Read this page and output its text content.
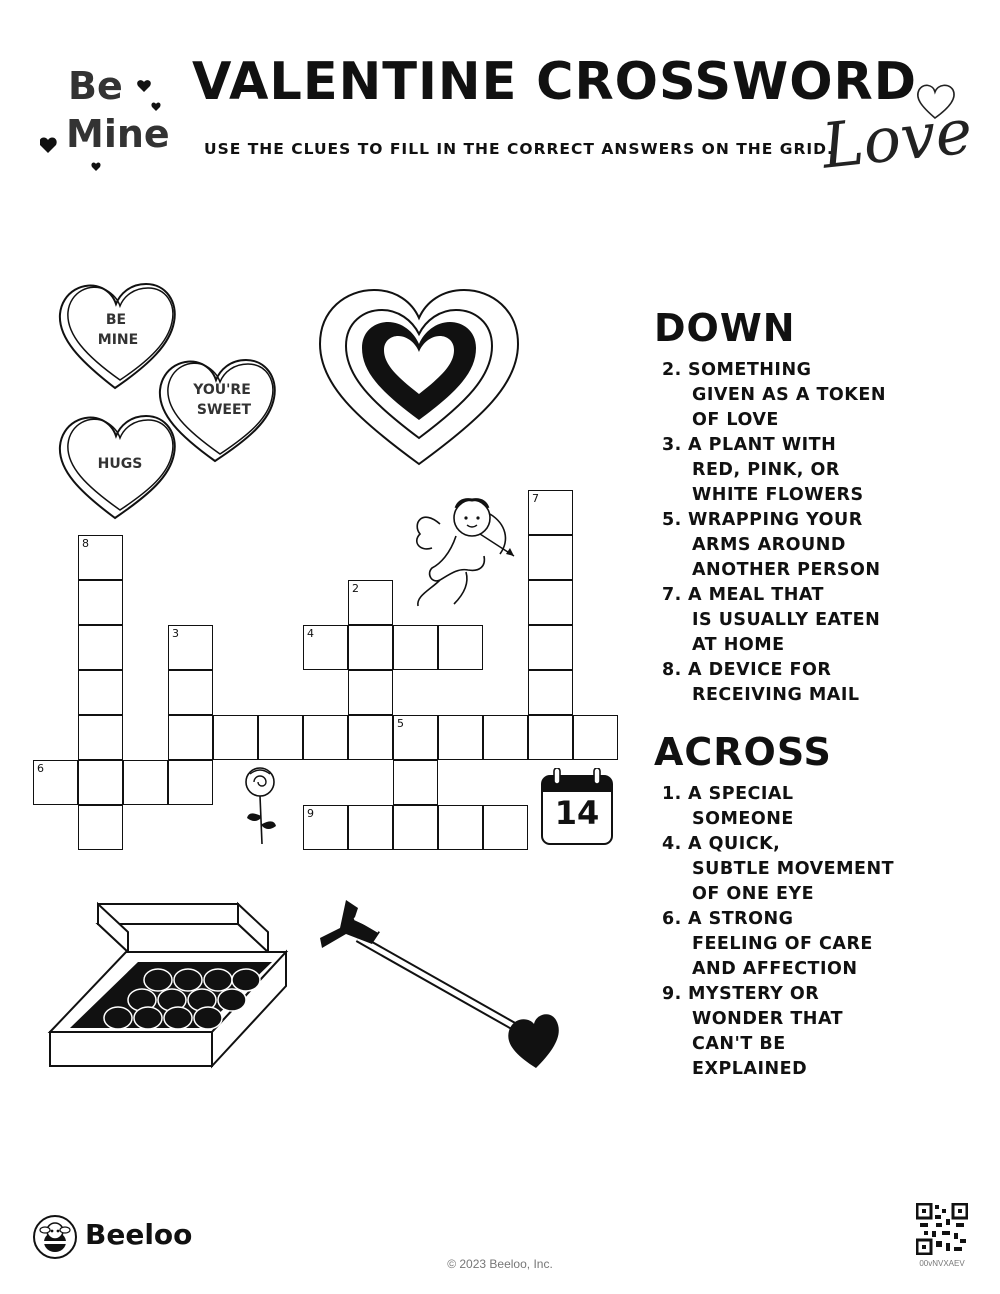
Be
Mine
VALENTINE CROSSWORD
USE THE CLUES TO FILL IN THE CORRECT ANSWERS ON THE GRID.
Love
BE
MINE
YOU'RE
SWEET
HUGS
8
3
2
4
7
5
6
9	14
DOWN
2. SOMETHING
GIVEN AS A TOKEN
OF LOVE
3. A PLANT WITH
RED, PINK, OR
WHITE FLOWERS
5. WRAPPING YOUR
ARMS AROUND
ANOTHER PERSON
7. A MEAL THAT
IS USUALLY EATEN
AT HOME
8. A DEVICE FOR
RECEIVING MAIL
ACROSS
1. A SPECIAL
SOMEONE
4. A QUICK,
SUBTLE MOVEMENT
OF ONE EYE
6. A STRONG
FEELING OF CARE
AND AFFECTION
9. MYSTERY OR
WONDER THAT
CAN'T BE
EXPLAINED
Beeloo
© 2023 Beeloo, Inc.	00vNVXAEV
